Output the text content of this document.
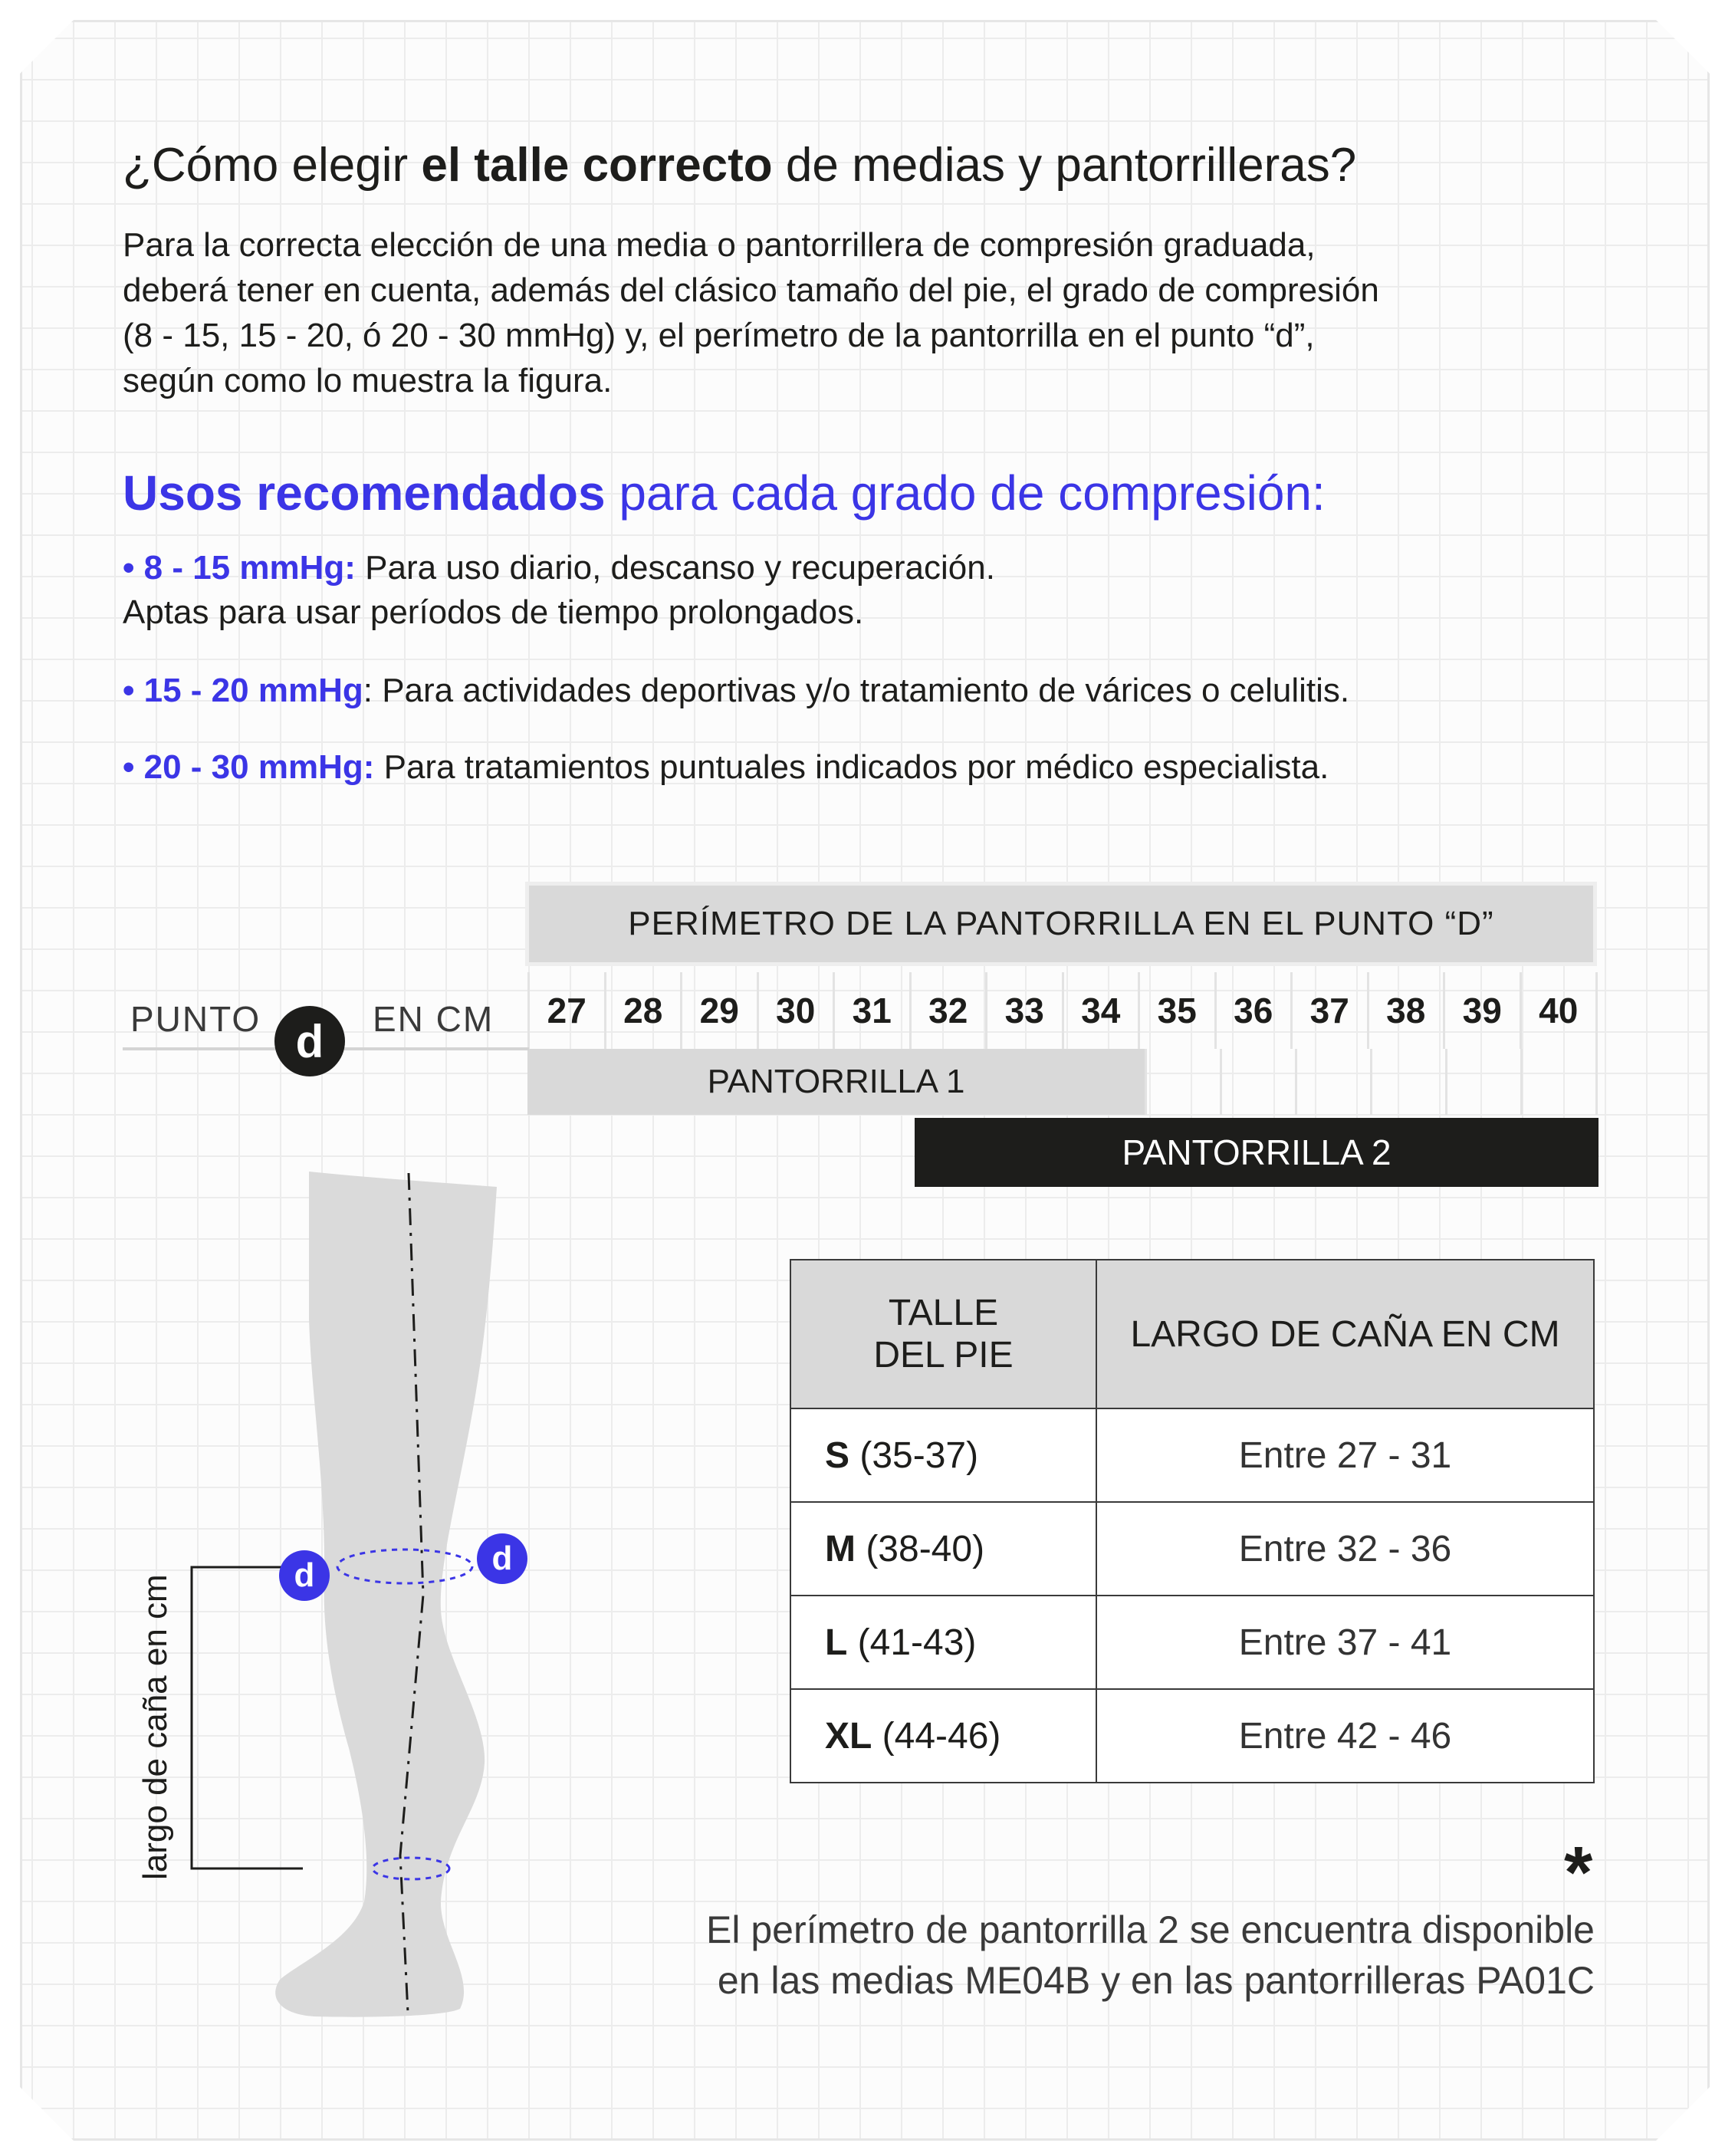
¿Cómo elegir el talle correcto de medias y pantorrilleras?
Para la correcta elección de una media o pantorrillera de compresión graduada,
deberá tener en cuenta, además del clásico tamaño del pie, el grado de compresión
(8 - 15, 15 - 20, ó 20 - 30 mmHg) y, el perímetro de la pantorrilla en el punto “d”,
según como lo muestra la figura.
Usos recomendados para cada grado de compresión:
• 8 - 15 mmHg: Para uso diario, descanso y recuperación.
Aptas para usar períodos de tiempo prolongados.
• 15 - 20 mmHg: Para actividades deportivas y/o tratamiento de várices o celulitis.
• 20 - 30 mmHg: Para tratamientos puntuales indicados por médico especialista.
PERÍMETRO DE LA PANTORRILLA EN EL PUNTO “D”
27	28	29	30	31	32	33	34	35	36	37	38	39	40
PANTORRILLA 1
PANTORRILLA 2
PUNTO d	EN CM
TALLE
DEL PIE	LARGO DE CAÑA EN CM
S (35-37)	Entre 27 - 31
M (38-40)	Entre 32 - 36
L (41-43)	Entre 37 - 41
XL (44-46)	Entre 42 - 46
d	d
largo de caña en cm	*
El perímetro de pantorrilla 2 se encuentra disponible
en las medias ME04B y en las pantorrilleras PA01C
